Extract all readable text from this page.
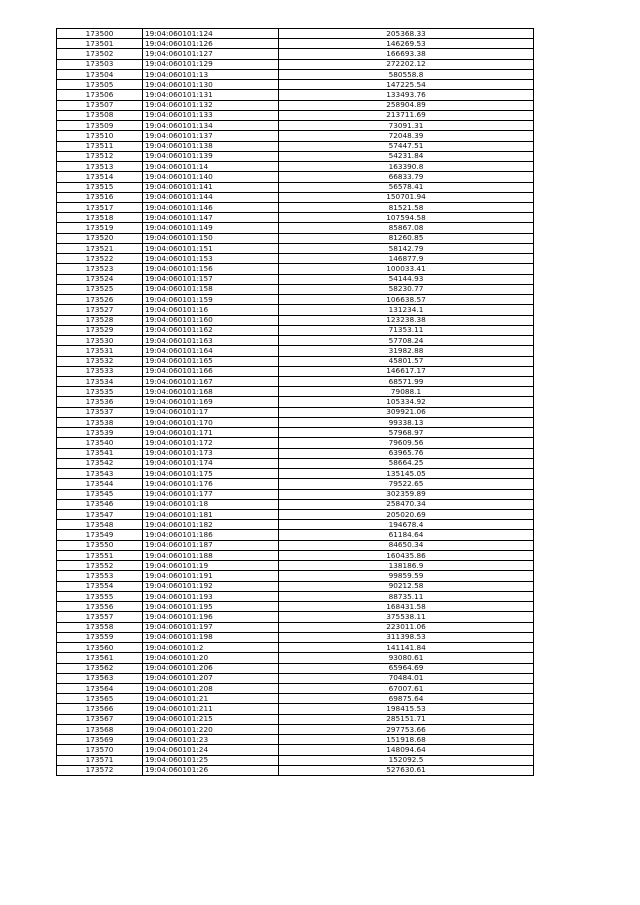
173500	19:04:060101:124	205368.33
173501	19:04:060101:126	146269.53
173502	19:04:060101:127	166693.38
173503	19:04:060101:129	272202.12
173504	19:04:060101:13	580558.8
173505	19:04:060101:130	147225.54
173506	19:04:060101:131	133493.76
173507	19:04:060101:132	258904.89
173508	19:04:060101:133	213711.69
173509	19:04:060101:134	73091.31
173510	19:04:060101:137	72048.39
173511	19:04:060101:138	57447.51
173512	19:04:060101:139	54231.84
173513	19:04:060101:14	163390.8
173514	19:04:060101:140	66833.79
173515	19:04:060101:141	56578.41
173516	19:04:060101:144	150701.94
173517	19:04:060101:146	81521.58
173518	19:04:060101:147	107594.58
173519	19:04:060101:149	85867.08
173520	19:04:060101:150	81260.85
173521	19:04:060101:151	58142.79
173522	19:04:060101:153	146877.9
173523	19:04:060101:156	100033.41
173524	19:04:060101:157	54144.93
173525	19:04:060101:158	58230.77
173526	19:04:060101:159	106638.57
173527	19:04:060101:16	131234.1
173528	19:04:060101:160	123238.38
173529	19:04:060101:162	71353.11
173530	19:04:060101:163	57708.24
173531	19:04:060101:164	31982.88
173532	19:04:060101:165	45801.57
173533	19:04:060101:166	146617.17
173534	19:04:060101:167	68571.99
173535	19:04:060101:168	79088.1
173536	19:04:060101:169	105334.92
173537	19:04:060101:17	309921.06
173538	19:04:060101:170	99338.13
173539	19:04:060101:171	57968.97
173540	19:04:060101:172	79609.56
173541	19:04:060101:173	63965.76
173542	19:04:060101:174	58664.25
173543	19:04:060101:175	135145.05
173544	19:04:060101:176	79522.65
173545	19:04:060101:177	302359.89
173546	19:04:060101:18	258470.34
173547	19:04:060101:181	205020.69
173548	19:04:060101:182	194678.4
173549	19:04:060101:186	61184.64
173550	19:04:060101:187	84650.34
173551	19:04:060101:188	160435.86
173552	19:04:060101:19	138186.9
173553	19:04:060101:191	99859.59
173554	19:04:060101:192	90212.58
173555	19:04:060101:193	88735.11
173556	19:04:060101:195	168431.58
173557	19:04:060101:196	375538.11
173558	19:04:060101:197	223011.06
173559	19:04:060101:198	311398.53
173560	19:04:060101:2	141141.84
173561	19:04:060101:20	93080.61
173562	19:04:060101:206	65964.69
173563	19:04:060101:207	70484.01
173564	19:04:060101:208	67007.61
173565	19:04:060101:21	69875.64
173566	19:04:060101:211	198415.53
173567	19:04:060101:215	285151.71
173568	19:04:060101:220	297753.66
173569	19:04:060101:23	151918.68
173570	19:04:060101:24	148094.64
173571	19:04:060101:25	152092.5
173572	19:04:060101:26	527630.61
